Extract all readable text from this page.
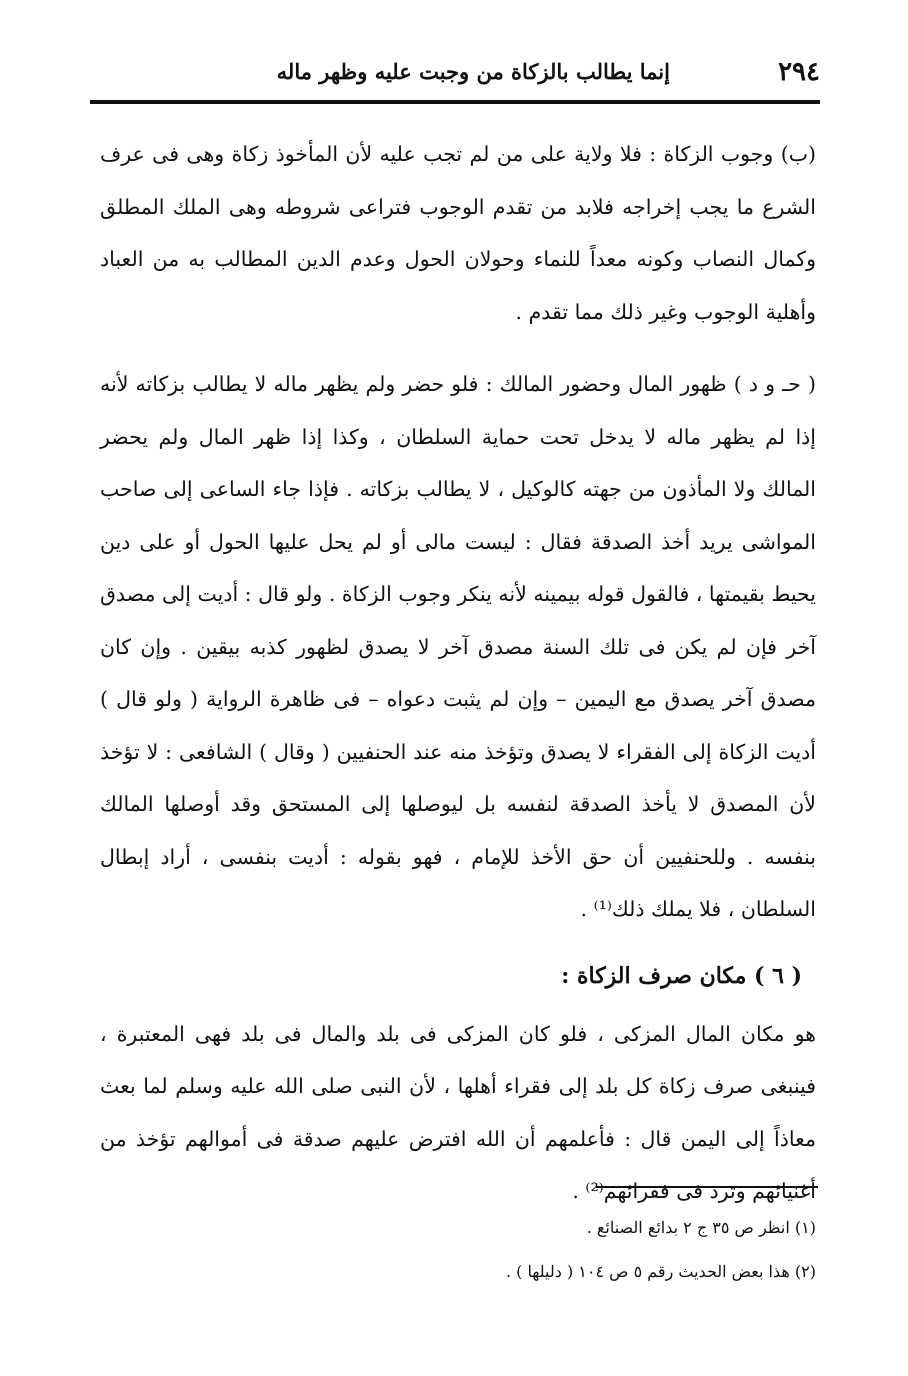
٢٩٤
إنما يطالب بالزكاة من وجبت عليه وظهر ماله

(ب) وجوب الزكاة : فلا ولاية على من لم تجب عليه لأن المأخوذ زكاة وهى فى عرف الشرع ما يجب إخراجه فلابد من تقدم الوجوب فتراعى شروطه وهى الملك المطلق وكمال النصاب وكونه معداً للنماء وحولان الحول وعدم الدين المطالب به من العباد وأهلية الوجوب وغير ذلك مما تقدم .

( حـ و د ) ظهور المال وحضور المالك : فلو حضر ولم يظهر ماله لا يطالب بزكاته لأنه إذا لم يظهر ماله لا يدخل تحت حماية السلطان ، وكذا إذا ظهر المال ولم يحضر المالك ولا المأذون من جهته كالوكيل ، لا يطالب بزكاته . فإذا جاء الساعى إلى صاحب المواشى يريد أخذ الصدقة فقال : ليست مالى أو لم يحل عليها الحول أو على دين يحيط بقيمتها ، فالقول قوله بيمينه لأنه ينكر وجوب الزكاة . ولو قال : أديت إلى مصدق آخر فإن لم يكن فى تلك السنة مصدق آخر لا يصدق لظهور كذبه بيقين . وإن كان مصدق آخر يصدق مع اليمين – وإن لم يثبت دعواه – فى ظاهرة الرواية ( ولو قال ) أديت الزكاة إلى الفقراء لا يصدق وتؤخذ منه عند الحنفيين ( وقال ) الشافعى : لا تؤخذ لأن المصدق لا يأخذ الصدقة لنفسه بل ليوصلها إلى المستحق وقد أوصلها المالك بنفسه . وللحنفيين أن حق الأخذ للإمام ، فهو بقوله : أديت بنفسى ، أراد إبطال السلطان ، فلا يملك ذلك⁽¹⁾ .

( ٦ ) مكان صرف الزكاة :

هو مكان المال المزكى ، فلو كان المزكى فى بلد والمال فى بلد فهى المعتبرة ، فينبغى صرف زكاة كل بلد إلى فقراء أهلها ، لأن النبى صلى الله عليه وسلم لما بعث معاذاً إلى اليمن قال : فأعلمهم أن الله افترض عليهم صدقة فى أموالهم تؤخذ من أغنيائهم وترد فى فقرائهم⁽²⁾ .

(١) انظر ص ٣٥ ج ٢ بدائع الصنائع .

(٢) هذا بعض الحديث رقم ٥ ص ١٠٤ ( دليلها ) .
